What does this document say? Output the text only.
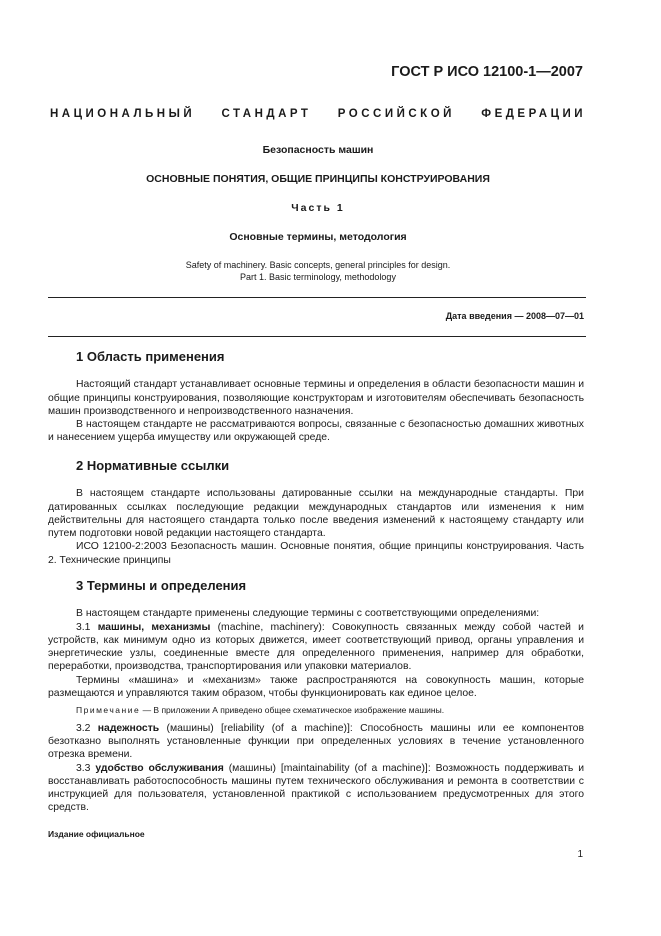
ГОСТ Р ИСО 12100-1—2007
НАЦИОНАЛЬНЫЙ СТАНДАРТ РОССИЙСКОЙ ФЕДЕРАЦИИ
Безопасность машин
ОСНОВНЫЕ ПОНЯТИЯ, ОБЩИЕ ПРИНЦИПЫ КОНСТРУИРОВАНИЯ
Часть 1
Основные термины, методология
Safety of machinery. Basic concepts, general principles for design.
Part 1. Basic terminology, methodology
Дата введения — 2008—07—01
1 Область применения

Настоящий стандарт устанавливает основные термины и определения в области безопасности машин и общие принципы конструирования, позволяющие конструкторам и изготовителям обеспечивать безопасность машин производственного и непроизводственного назначения.

В настоящем стандарте не рассматриваются вопросы, связанные с безопасностью домашних животных и нанесением ущерба имуществу или окружающей среде.

2 Нормативные ссылки

В настоящем стандарте использованы датированные ссылки на международные стандарты. При датированных ссылках последующие редакции международных стандартов или изменения к ним действительны для настоящего стандарта только после введения изменений к настоящему стандарту или путем подготовки новой редакции настоящего стандарта.

ИСО 12100-2:2003 Безопасность машин. Основные понятия, общие принципы конструирования. Часть 2. Технические принципы

3 Термины и определения

В настоящем стандарте применены следующие термины с соответствующими определениями:

3.1 машины, механизмы (machine, machinery): Совокупность связанных между собой частей и устройств, как минимум одно из которых движется, имеет соответствующий привод, органы управления и энергетические узлы, соединенные вместе для определенного применения, например для обработки, переработки, производства, транспортирования или упаковки материалов.

Термины «машина» и «механизм» также распространяются на совокупность машин, которые размещаются и управляются таким образом, чтобы функционировать как единое целое.

Примечание — В приложении А приведено общее схематическое изображение машины.

3.2 надежность (машины) [reliability (of a machine)]: Способность машины или ее компонентов безотказно выполнять установленные функции при определенных условиях в течение установленного отрезка времени.

3.3 удобство обслуживания (машины) [maintainability (of a machine)]: Возможность поддерживать и восстанавливать работоспособность машины путем технического обслуживания и ремонта в соответствии с инструкцией для пользователя, установленной практикой с использованием предусмотренных для этого средств.

Издание официальное
1
